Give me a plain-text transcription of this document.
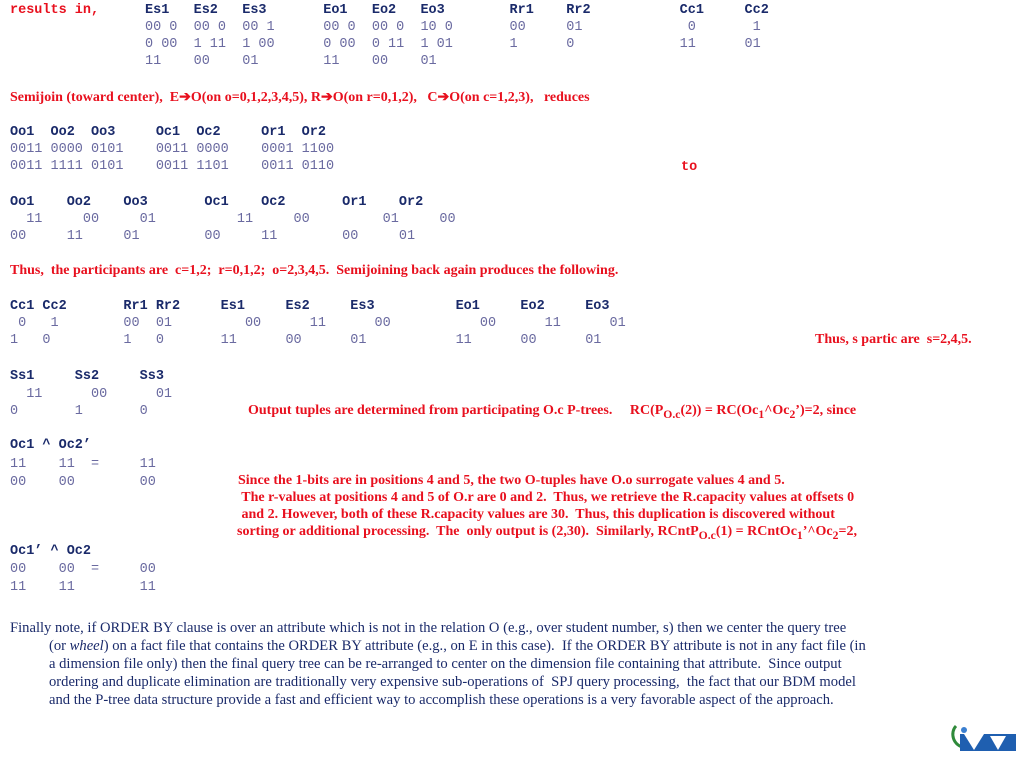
results in,	Es1   Es2   Es3       Eo1   Eo2   Eo3        Rr1    Rr2           Cc1     Cc2
00 0  00 0  00 1      00 0  00 0  10 0       00     01             0       1
0 00  1 11  1 00      0 00  0 11  1 01       1      0             11      01
11    00    01        11    00    01
Semijoin (toward center),  E➔O(on o=0,1,2,3,4,5), R➔O(on r=0,1,2),   C➔O(on c=1,2,3),   reduces
Oo1  Oo2  Oo3     Oc1  Oc2     Or1  Or2
0011 0000 0101    0011 0000    0001 1100
0011 1111 0101    0011 1101    0011 0110	to
Oo1    Oo2    Oo3       Oc1    Oc2       Or1    Or2
11     00     01          11     00         01     00
00     11     01        00     11        00     01
Thus,  the participants are  c=1,2;  r=0,1,2;  o=2,3,4,5.  Semijoining back again produces the following.
Cc1 Cc2       Rr1 Rr2     Es1     Es2     Es3          Eo1     Eo2     Eo3
0   1        00  01         00      11      00           00      11      01
1   0         1   0       11      00      01           11      00      01	Thus, s partic are  s=2,4,5.
Ss1     Ss2     Ss3
11      00      01
0       1       0	Output tuples are determined from participating O.c P-trees.     $RC(P_{O.c}(2))$ = $RC(Oc_1\^{}Oc_2’)=2$, since
Oc1 ^ Oc2’
11    11  =     11
00    00        00	Since the 1-bits are in positions 4 and 5, the two O-tuples have O.o surrogate values 4 and 5.
The r-values at positions 4 and 5 of O.r are 0 and 2.  Thus, we retrieve the R.capacity values at offsets 0
and 2. However, both of these R.capacity values are 30.  Thus, this duplication is discovered without
sorting or additional processing.  The  only output is (2,30).  Similarly, RCntP$_{O.c}$(1) = $RCntOc_1’\^{}Oc_2=2$,
Oc1’ ^ Oc2
00    00  =     00
11    11        11
Finally note, if ORDER BY clause is over an attribute which is not in the relation O (e.g., over student number, s) then we center the query tree
(or wheel) on a fact file that contains the ORDER BY attribute (e.g., on E in this case).  If the ORDER BY attribute is not in any fact file (in
a dimension file only) then the final query tree can be re-arranged to center on the dimension file containing that attribute.  Since output
ordering and duplicate elimination are traditionally very expensive sub-operations of  SPJ query processing,  the fact that our BDM model
and the P-tree data structure provide a fast and efficient way to accomplish these operations is a very favorable aspect of the approach.
